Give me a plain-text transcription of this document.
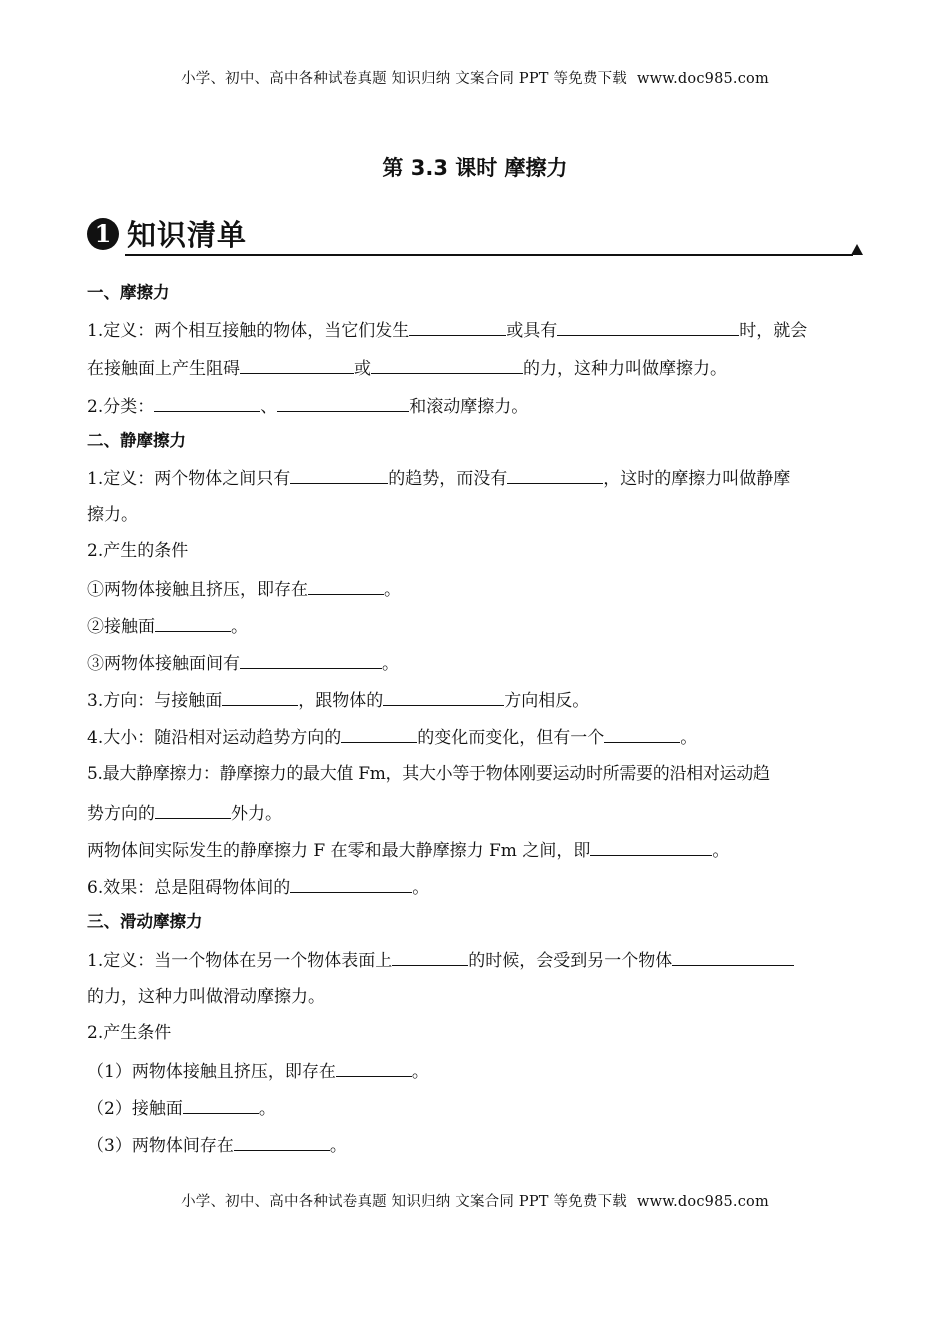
小学、初中、高中各种试卷真题 知识归纳 文案合同 PPT 等免费下载 www.doc985.com
第 3.3 课时 摩擦力
1 知识清单
一、摩擦力
1.定义：两个相互接触的物体，当它们发生	或具有	时，就会
在接触面上产生阻碍	或	的力，这种力叫做摩擦力。
2.分类：	、	和滚动摩擦力。
二、静摩擦力
1.定义：两个物体之间只有	的趋势，而没有	，这时的摩擦力叫做静摩
擦力。
2.产生的条件
①两物体接触且挤压，即存在	。
②接触面	。
③两物体接触面间有	。
3.方向：与接触面	，跟物体的	方向相反。
4.大小：随沿相对运动趋势方向的	的变化而变化，但有一个	。
5.最大静摩擦力：静摩擦力的最大值 Fm，其大小等于物体刚要运动时所需要的沿相对运动趋
势方向的	外力。
两物体间实际发生的静摩擦力 F 在零和最大静摩擦力 Fm 之间，即	。
6.效果：总是阻碍物体间的	。
三、滑动摩擦力
1.定义：当一个物体在另一个物体表面上	的时候，会受到另一个物体
的力，这种力叫做滑动摩擦力。
2.产生条件
（1）两物体接触且挤压，即存在	。
（2）接触面	。
（3）两物体间存在	。
小学、初中、高中各种试卷真题 知识归纳 文案合同 PPT 等免费下载 www.doc985.com
